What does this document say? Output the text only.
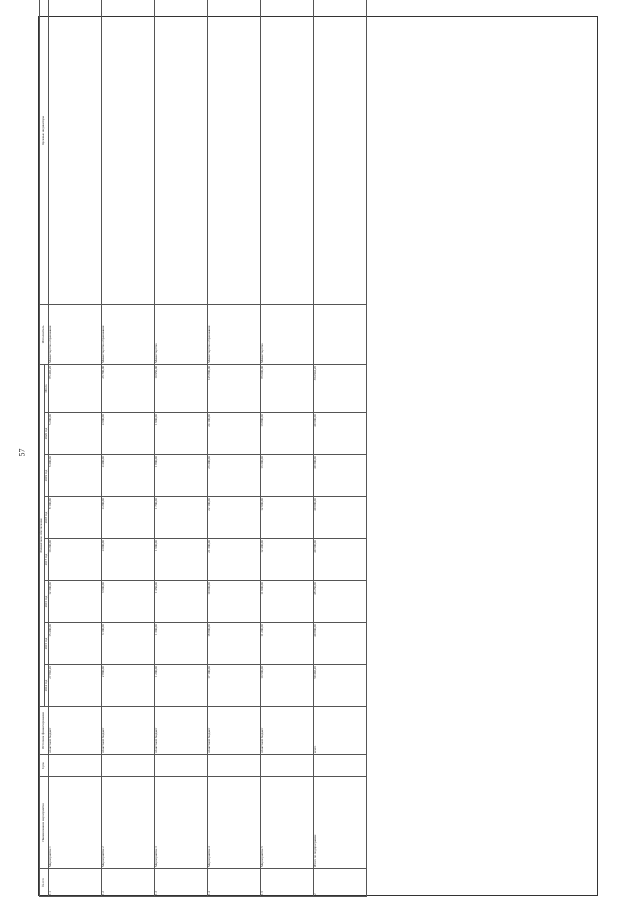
57
№ п/п	Наименование мероприятия	Срок	Источник финансирования	Финансовое обеспечение								Исполнитель	Целевые индикаторы
				2014 год	2015 год	2016 год	2017 год	2018 год	2019 год	2020 год	Итого		
1.1	Мероприятие 1		областной бюджет	27 892,20	15 400,00	12 300,00	10 200,00	8 100,00	6 400,00	5 200,00	85 492,20	Министерство образования	
1.2	Мероприятие 2		областной бюджет	2 800,00	3 100,00	3 600,00	4 000,00	4 200,00	4 400,00	4 600,00	26 700,00	Министерство образования	
1.3	Мероприятие 3		областной бюджет	1 200,00	1 300,00	1 450,00	1 600,00	1 700,00	1 800,00	1 900,00	10 950,00	Министерство	
1.4	Мероприятие 4		областной бюджет	17 100,00	18 800,00	19 000,00	21 300,00	22 100,00	23 400,00	24 100,00	145 800,00	Министерство образования	
1.5	Мероприятие 5		областной бюджет	10 500,00	11 200,00	11 900,00	12 400,00	12 900,00	13 300,00	13 800,00	86 000,00	Министерство	
2	Итого по подпрограмме		всего	59 492,20	49 800,00	48 250,00	49 500,00	49 000,00	49 300,00	49 600,00	354 942,20		
